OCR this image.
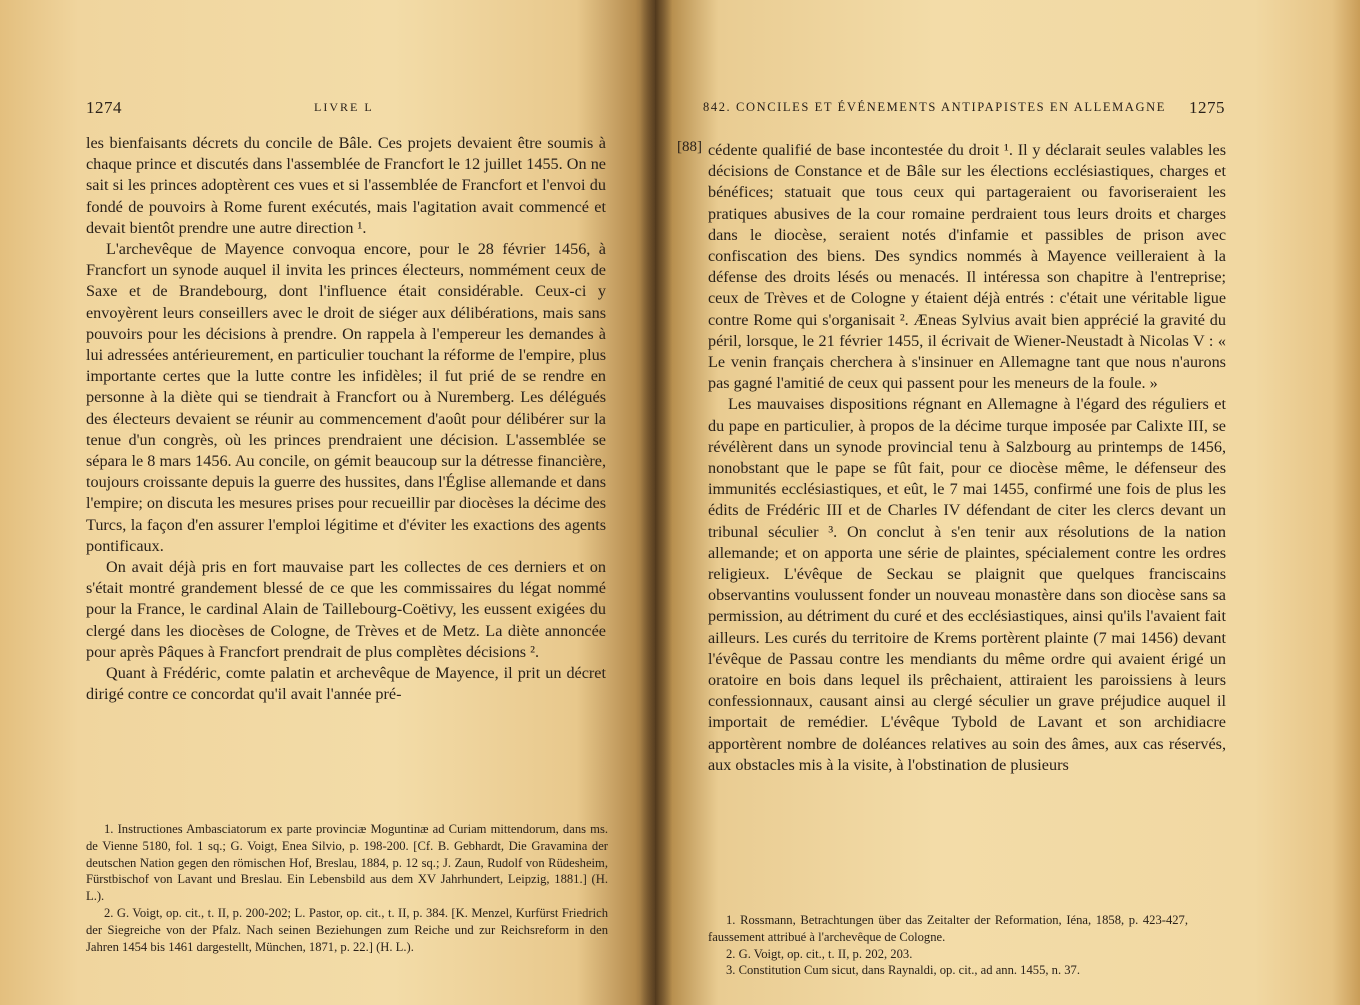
1274	LIVRE L

les bienfaisants décrets du concile de Bâle. Ces projets devaient être soumis à chaque prince et discutés dans l'assemblée de Francfort le 12 juillet 1455. On ne sait si les princes adoptèrent ces vues et si l'assemblée de Francfort et l'envoi du fondé de pouvoirs à Rome furent exécutés, mais l'agitation avait commencé et devait bientôt prendre une autre direction ¹.

L'archevêque de Mayence convoqua encore, pour le 28 février 1456, à Francfort un synode auquel il invita les princes électeurs, nommément ceux de Saxe et de Brandebourg, dont l'influence était considérable. Ceux-ci y envoyèrent leurs conseillers avec le droit de siéger aux délibérations, mais sans pouvoirs pour les décisions à prendre. On rappela à l'empereur les demandes à lui adressées antérieurement, en particulier touchant la réforme de l'empire, plus importante certes que la lutte contre les infidèles; il fut prié de se rendre en personne à la diète qui se tiendrait à Francfort ou à Nuremberg. Les délégués des électeurs devaient se réunir au commencement d'août pour délibérer sur la tenue d'un congrès, où les princes prendraient une décision. L'assemblée se sépara le 8 mars 1456. Au concile, on gémit beaucoup sur la détresse financière, toujours croissante depuis la guerre des hussites, dans l'Église allemande et dans l'empire; on discuta les mesures prises pour recueillir par diocèses la décime des Turcs, la façon d'en assurer l'emploi légitime et d'éviter les exactions des agents pontificaux.

On avait déjà pris en fort mauvaise part les collectes de ces derniers et on s'était montré grandement blessé de ce que les commissaires du légat nommé pour la France, le cardinal Alain de Taillebourg-Coëtivy, les eussent exigées du clergé dans les diocèses de Cologne, de Trèves et de Metz. La diète annoncée pour après Pâques à Francfort prendrait de plus complètes décisions ².

Quant à Frédéric, comte palatin et archevêque de Mayence, il prit un décret dirigé contre ce concordat qu'il avait l'année pré-

1. Instructiones Ambasciatorum ex parte provinciæ Moguntinæ ad Curiam mittendorum, dans ms. de Vienne 5180, fol. 1 sq.; G. Voigt, Enea Silvio, p. 198-200. [Cf. B. Gebhardt, Die Gravamina der deutschen Nation gegen den römischen Hof, Breslau, 1884, p. 12 sq.; J. Zaun, Rudolf von Rüdesheim, Fürstbischof von Lavant und Breslau. Ein Lebensbild aus dem XV Jahrhundert, Leipzig, 1881.] (H. L.).

2. G. Voigt, op. cit., t. II, p. 200-202; L. Pastor, op. cit., t. II, p. 384. [K. Menzel, Kurfürst Friedrich der Siegreiche von der Pfalz. Nach seinen Beziehungen zum Reiche und zur Reichsreform in den Jahren 1454 bis 1461 dargestellt, München, 1871, p. 22.] (H. L.).

842. CONCILES ET ÉVÉNEMENTS ANTIPAPISTES EN ALLEMAGNE 1275
[88] cédente qualifié de base incontestée du droit ¹. Il y déclarait seules valables les décisions de Constance et de Bâle sur les élections ecclésiastiques, charges et bénéfices; statuait que tous ceux qui partageraient ou favoriseraient les pratiques abusives de la cour romaine perdraient tous leurs droits et charges dans le diocèse, seraient notés d'infamie et passibles de prison avec confiscation des biens. Des syndics nommés à Mayence veilleraient à la défense des droits lésés ou menacés. Il intéressa son chapitre à l'entreprise; ceux de Trèves et de Cologne y étaient déjà entrés : c'était une véritable ligue contre Rome qui s'organisait ². Æneas Sylvius avait bien apprécié la gravité du péril, lorsque, le 21 février 1455, il écrivait de Wiener-Neustadt à Nicolas V : « Le venin français cherchera à s'insinuer en Allemagne tant que nous n'aurons pas gagné l'amitié de ceux qui passent pour les meneurs de la foule. »

Les mauvaises dispositions régnant en Allemagne à l'égard des réguliers et du pape en particulier, à propos de la décime turque imposée par Calixte III, se révélèrent dans un synode provincial tenu à Salzbourg au printemps de 1456, nonobstant que le pape se fût fait, pour ce diocèse même, le défenseur des immunités ecclésiastiques, et eût, le 7 mai 1455, confirmé une fois de plus les édits de Frédéric III et de Charles IV défendant de citer les clercs devant un tribunal séculier ³. On conclut à s'en tenir aux résolutions de la nation allemande; et on apporta une série de plaintes, spécialement contre les ordres religieux. L'évêque de Seckau se plaignit que quelques franciscains observantins voulussent fonder un nouveau monastère dans son diocèse sans sa permission, au détriment du curé et des ecclésiastiques, ainsi qu'ils l'avaient fait ailleurs. Les curés du territoire de Krems portèrent plainte (7 mai 1456) devant l'évêque de Passau contre les mendiants du même ordre qui avaient érigé un oratoire en bois dans lequel ils prêchaient, attiraient les paroissiens à leurs confessionnaux, causant ainsi au clergé séculier un grave préjudice auquel il importait de remédier. L'évêque Tybold de Lavant et son archidiacre apportèrent nombre de doléances relatives au soin des âmes, aux cas réservés, aux obstacles mis à la visite, à l'obstination de plusieurs

1. Rossmann, Betrachtungen über das Zeitalter der Reformation, Iéna, 1858, p. 423-427, faussement attribué à l'archevêque de Cologne.

2. G. Voigt, op. cit., t. II, p. 202, 203.

3. Constitution Cum sicut, dans Raynaldi, op. cit., ad ann. 1455, n. 37.
